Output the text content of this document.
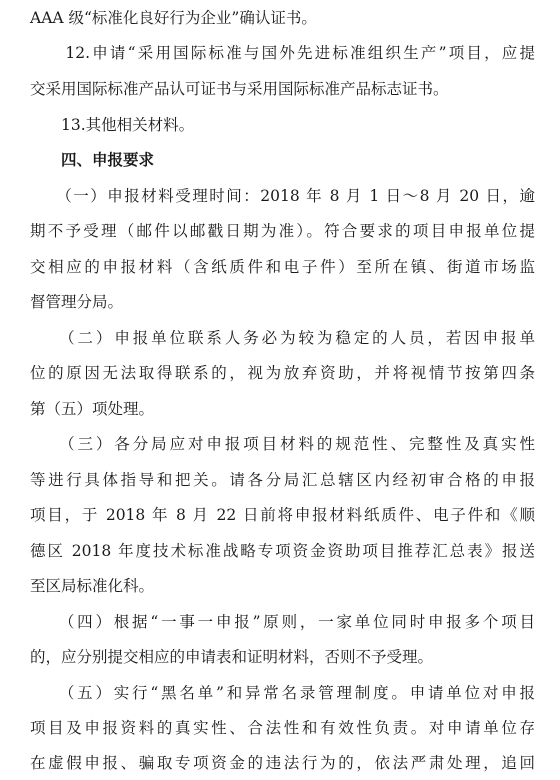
AAA 级“标准化良好行为企业”确认证书。
　　12.申请“采用国际标准与国外先进标准组织生产”项目，应提
交采用国际标准产品认可证书与采用国际标准产品标志证书。
　　13.其他相关材料。
　　四、申报要求
　　（一）申报材料受理时间：2018 年 8 月 1 日～8 月 20 日，逾
期不予受理（邮件以邮戳日期为准）。符合要求的项目申报单位提
交相应的申报材料（含纸质件和电子件）至所在镇、街道市场监
督管理分局。
　　（二）申报单位联系人务必为较为稳定的人员，若因申报单
位的原因无法取得联系的，视为放弃资助，并将视情节按第四条
第（五）项处理。
　　（三）各分局应对申报项目材料的规范性、完整性及真实性
等进行具体指导和把关。请各分局汇总辖区内经初审合格的申报
项目，于 2018 年 8 月 22 日前将申报材料纸质件、电子件和《顺
德区 2018 年度技术标准战略专项资金资助项目推荐汇总表》报送
至区局标准化科。
　　（四）根据“一事一申报”原则，一家单位同时申报多个项目
的，应分别提交相应的申请表和证明材料，否则不予受理。
　　（五）实行“黑名单”和异常名录管理制度。申请单位对申报
项目及申报资料的真实性、合法性和有效性负责。对申请单位存
在虚假申报、骗取专项资金的违法行为的，依法严肃处理，追回
